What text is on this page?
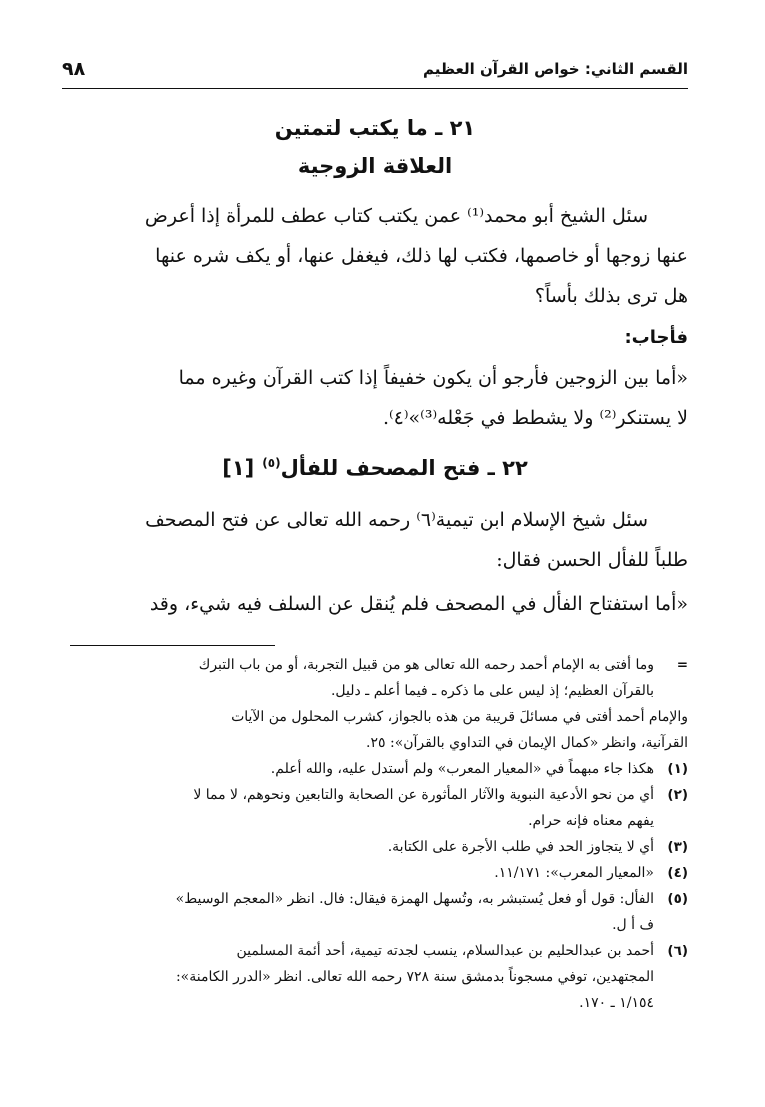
القسم الثاني: خواص القرآن العظيم
٩٨
٢١ ـ ما يكتب لتمتين
العلاقة الزوجية
سئل الشيخ أبو محمد⁽¹⁾ عمن يكتب كتاب عطف للمرأة إذا أعرض
عنها زوجها أو خاصمها، فكتب لها ذلك، فيغفل عنها، أو يكف شره عنها
هل ترى بذلك بأساً؟
فأجاب:
«أما بين الزوجين فأرجو أن يكون خفيفاً إذا كتب القرآن وغيره مما
لا يستنكر⁽²⁾ ولا يشطط في جَعْله⁽³⁾»⁽٤⁾.
٢٢ ـ فتح المصحف للفأل$^{(٥)}$[١]
سئل شيخ الإسلام ابن تيمية⁽٦⁾ رحمه الله تعالى عن فتح المصحف
طلباً للفأل الحسن فقال:
«أما استفتاح الفأل في المصحف فلم يُنقل عن السلف فيه شيء، وقد
=
وما أفتى به الإمام أحمد رحمه الله تعالى هو من قبيل التجربة، أو من باب التبرك
بالقرآن العظيم؛ إذ ليس على ما ذكره ـ فيما أعلم ـ دليل.
والإمام أحمد أفتى في مسائلَ قريبة من هذه بالجواز، كشرب المحلول من الآيات
القرآنية، وانظر «كمال الإيمان في التداوي بالقرآن»: ٢٥.
(١)
هكذا جاء مبهماً في «المعيار المعرب» ولم أستدل عليه، والله أعلم.
(٢)
أي من نحو الأدعية النبوية والآثار المأثورة عن الصحابة والتابعين ونحوهم، لا مما لا
يفهم معناه فإنه حرام.
(٣)
أي لا يتجاوز الحد في طلب الأجرة على الكتابة.
(٤)
«المعيار المعرب»: ١١/١٧١.
(٥)
الفأل: قول أو فعل يُستبشر به، وتُسهل الهمزة فيقال: فال. انظر «المعجم الوسيط»
ف أ ل.
(٦)
أحمد بن عبدالحليم بن عبدالسلام، ينسب لجدته تيمية، أحد أئمة المسلمين
المجتهدين، توفي مسجوناً بدمشق سنة ٧٢٨ رحمه الله تعالى. انظر «الدرر الكامنة»:
١/١٥٤ ـ ١٧٠.
